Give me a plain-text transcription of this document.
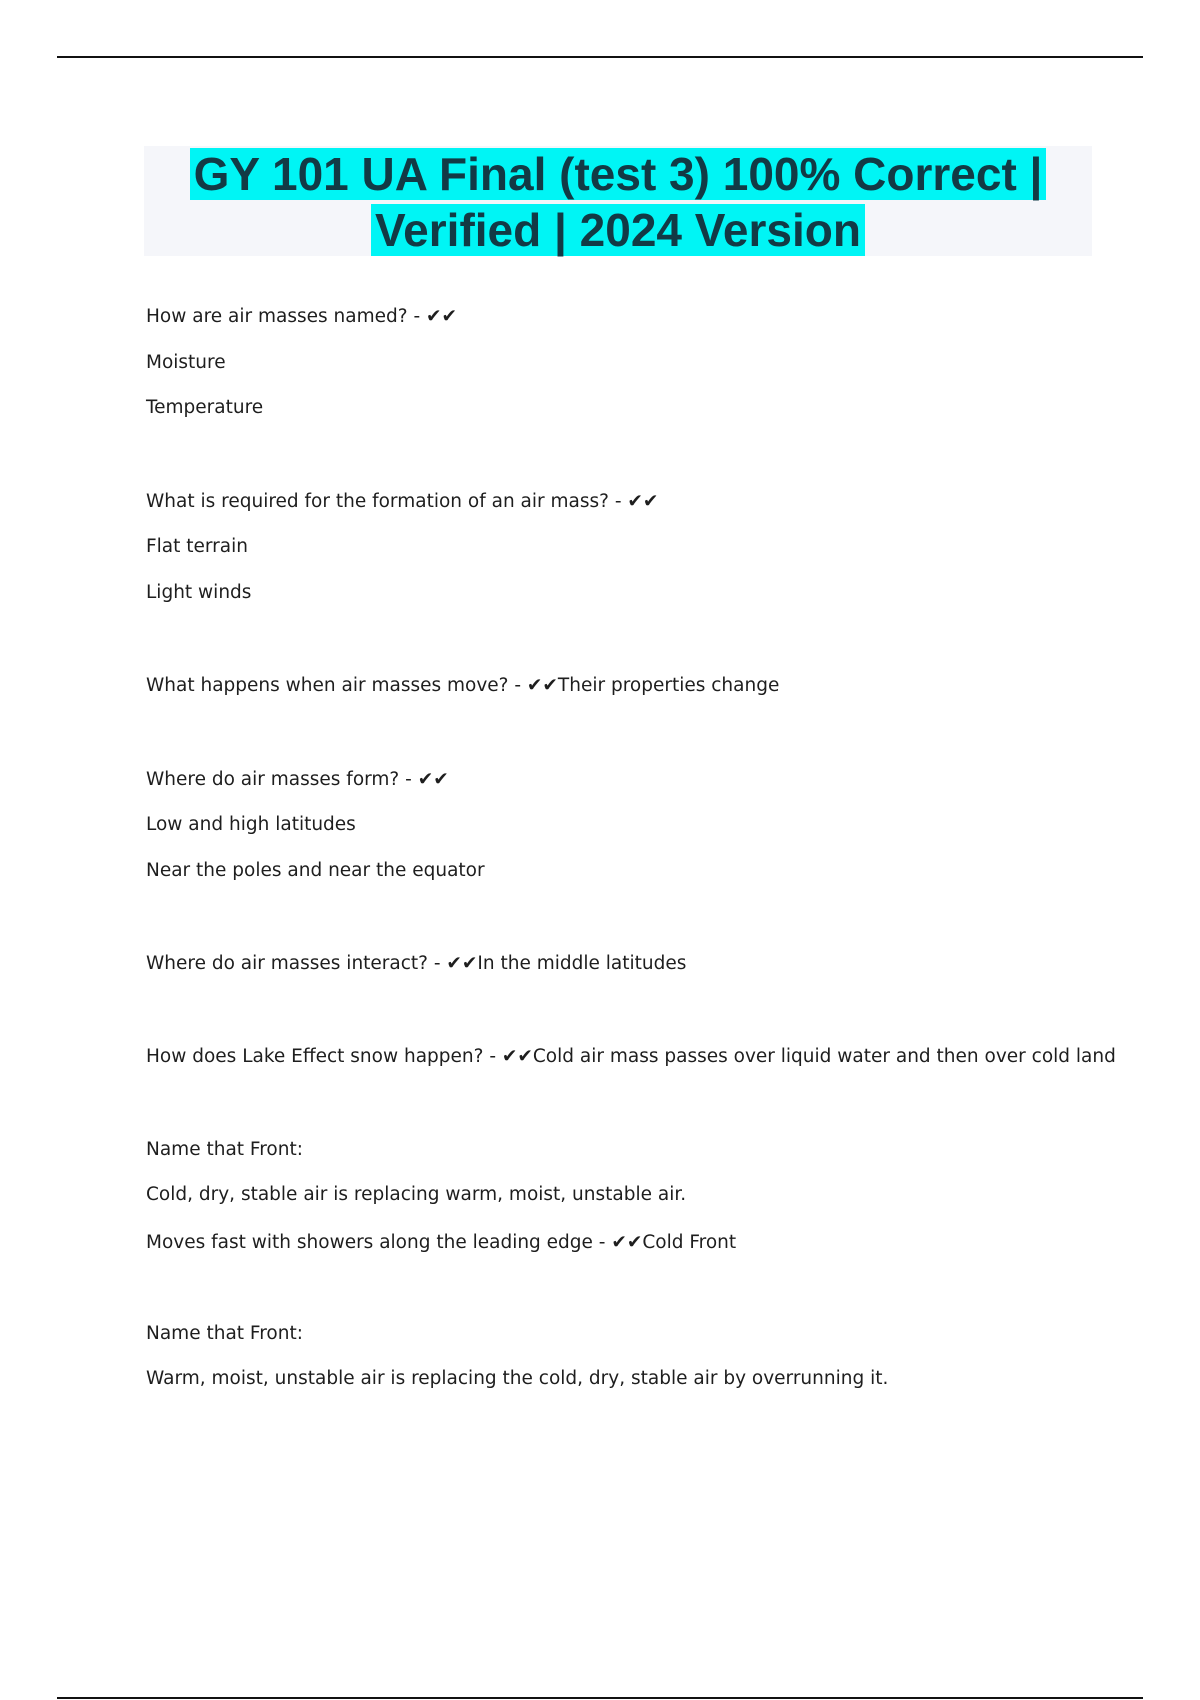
GY 101 UA Final (test 3) 100% Correct |
Verified | 2024 Version
How are air masses named? - ✔✔
Moisture
Temperature
What is required for the formation of an air mass? - ✔✔
Flat terrain
Light winds
What happens when air masses move? - ✔✔Their properties change
Where do air masses form? - ✔✔
Low and high latitudes
Near the poles and near the equator
Where do air masses interact? - ✔✔In the middle latitudes
How does Lake Effect snow happen? - ✔✔Cold air mass passes over liquid water and then over cold land
Name that Front:
Cold, dry, stable air is replacing warm, moist, unstable air.
Moves fast with showers along the leading edge - ✔✔Cold Front
Name that Front:
Warm, moist, unstable air is replacing the cold, dry, stable air by overrunning it.
